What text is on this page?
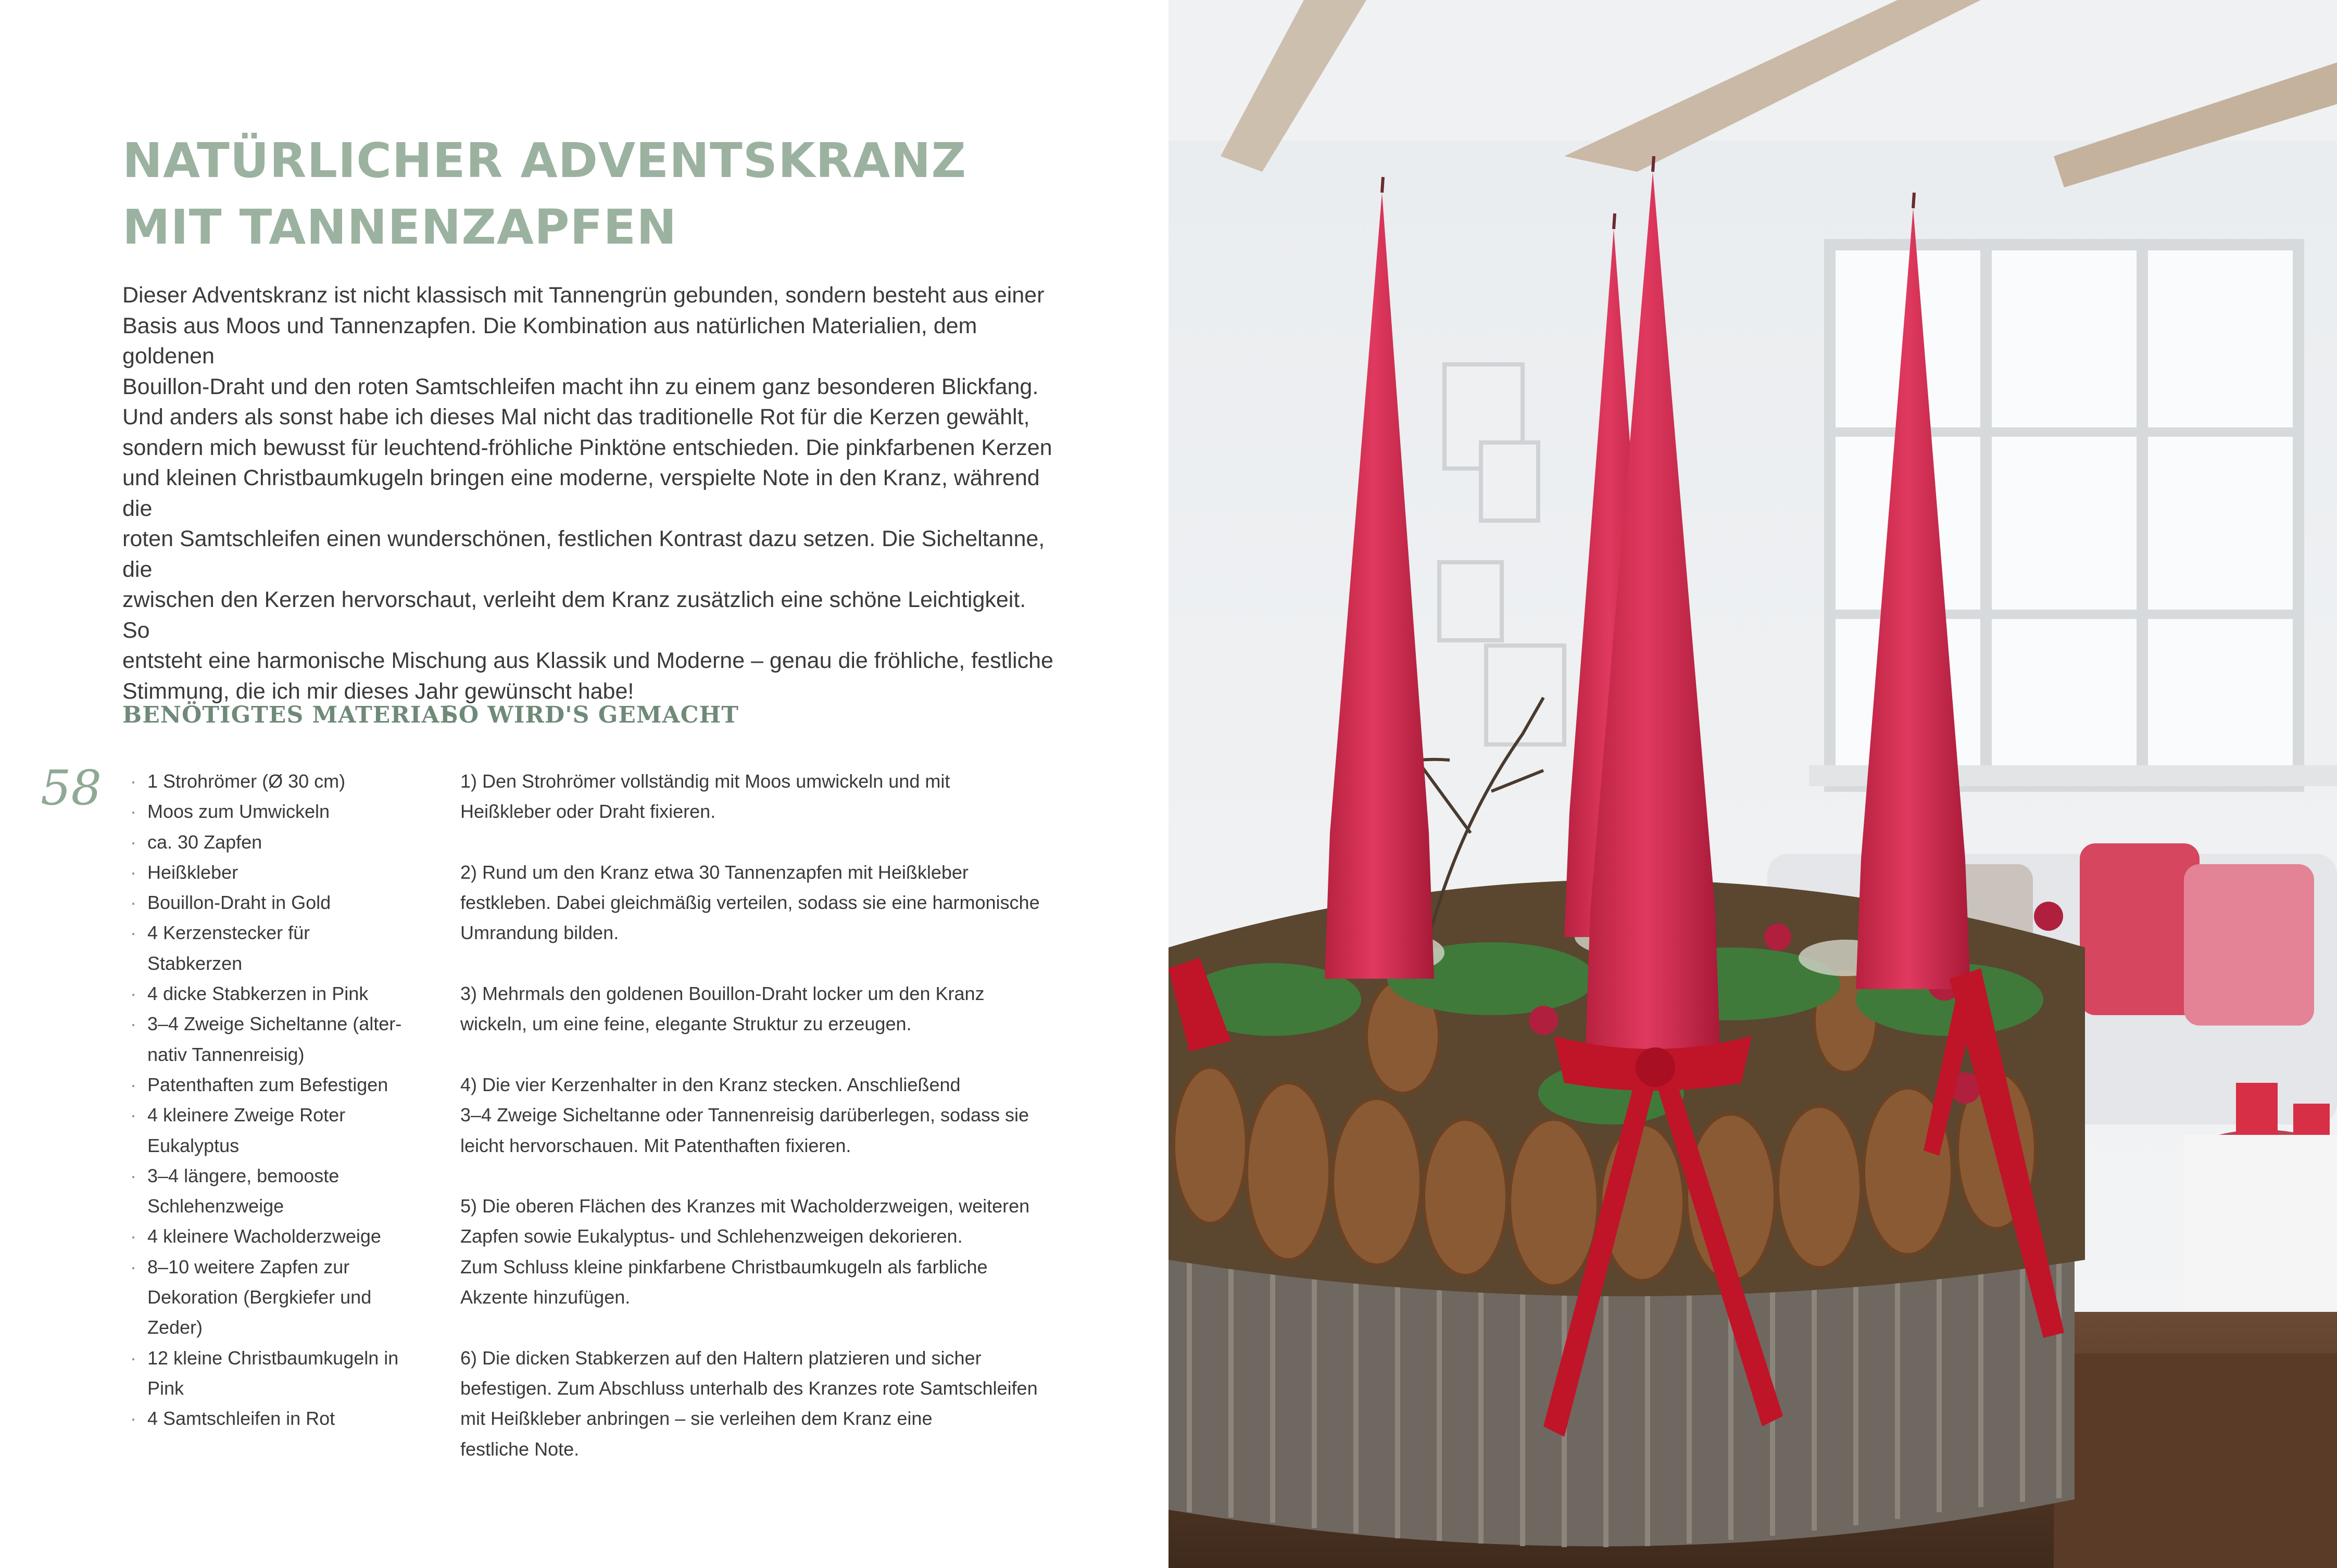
NATÜRLICHER ADVENTSKRANZ
MIT TANNENZAPFEN

Dieser Adventskranz ist nicht klassisch mit Tannengrün gebunden, sondern besteht aus einer
Basis aus Moos und Tannenzapfen. Die Kombination aus natürlichen Materialien, dem goldenen
Bouillon-Draht und den roten Samtschleifen macht ihn zu einem ganz besonderen Blickfang.
Und anders als sonst habe ich dieses Mal nicht das traditionelle Rot für die Kerzen gewählt,
sondern mich bewusst für leuchtend-fröhliche Pinktöne entschieden. Die pinkfarbenen Kerzen
und kleinen Christbaumkugeln bringen eine moderne, verspielte Note in den Kranz, während die
roten Samtschleifen einen wunderschönen, festlichen Kontrast dazu setzen. Die Sicheltanne, die
zwischen den Kerzen hervorschaut, verleiht dem Kranz zusätzlich eine schöne Leichtigkeit. So
entsteht eine harmonische Mischung aus Klassik und Moderne – genau die fröhliche, festliche
Stimmung, die ich mir dieses Jahr gewünscht habe!

BENÖTIGTES MATERIAL
SO WIRD'S GEMACHT
58
·	1 Strohrömer (Ø 30 cm)
· Moos zum Umwickeln
· ca. 30 Zapfen
· Heißkleber
· Bouillon-Draht in Gold
· 4 Kerzenstecker für
Stabkerzen
· 4 dicke Stabkerzen in Pink
· 3–4 Zweige Sicheltanne (alter-
nativ Tannenreisig)
· Patenthaften zum Befestigen
· 4 kleinere Zweige Roter
Eukalyptus
· 3–4 längere, bemooste
Schlehenzweige
· 4 kleinere Wacholderzweige
· 8–10 weitere Zapfen zur
Dekoration (Bergkiefer und
Zeder)
· 12 kleine Christbaumkugeln in
Pink
· 4 Samtschleifen in Rot

1) Den Strohrömer vollständig mit Moos umwickeln und mit
Heißkleber oder Draht fixieren.

2) Rund um den Kranz etwa 30 Tannenzapfen mit Heißkleber
festkleben. Dabei gleichmäßig verteilen, sodass sie eine harmonische
Umrandung bilden.

3) Mehrmals den goldenen Bouillon-Draht locker um den Kranz
wickeln, um eine feine, elegante Struktur zu erzeugen.

4) Die vier Kerzenhalter in den Kranz stecken. Anschließend
3–4 Zweige Sicheltanne oder Tannenreisig darüberlegen, sodass sie
leicht hervorschauen. Mit Patenthaften fixieren.

5) Die oberen Flächen des Kranzes mit Wacholderzweigen, weiteren
Zapfen sowie Eukalyptus- und Schlehenzweigen dekorieren.
Zum Schluss kleine pinkfarbene Christbaumkugeln als farbliche
Akzente hinzufügen.

6) Die dicken Stabkerzen auf den Haltern platzieren und sicher
befestigen. Zum Abschluss unterhalb des Kranzes rote Samtschleifen
mit Heißkleber anbringen – sie verleihen dem Kranz eine
festliche Note.
